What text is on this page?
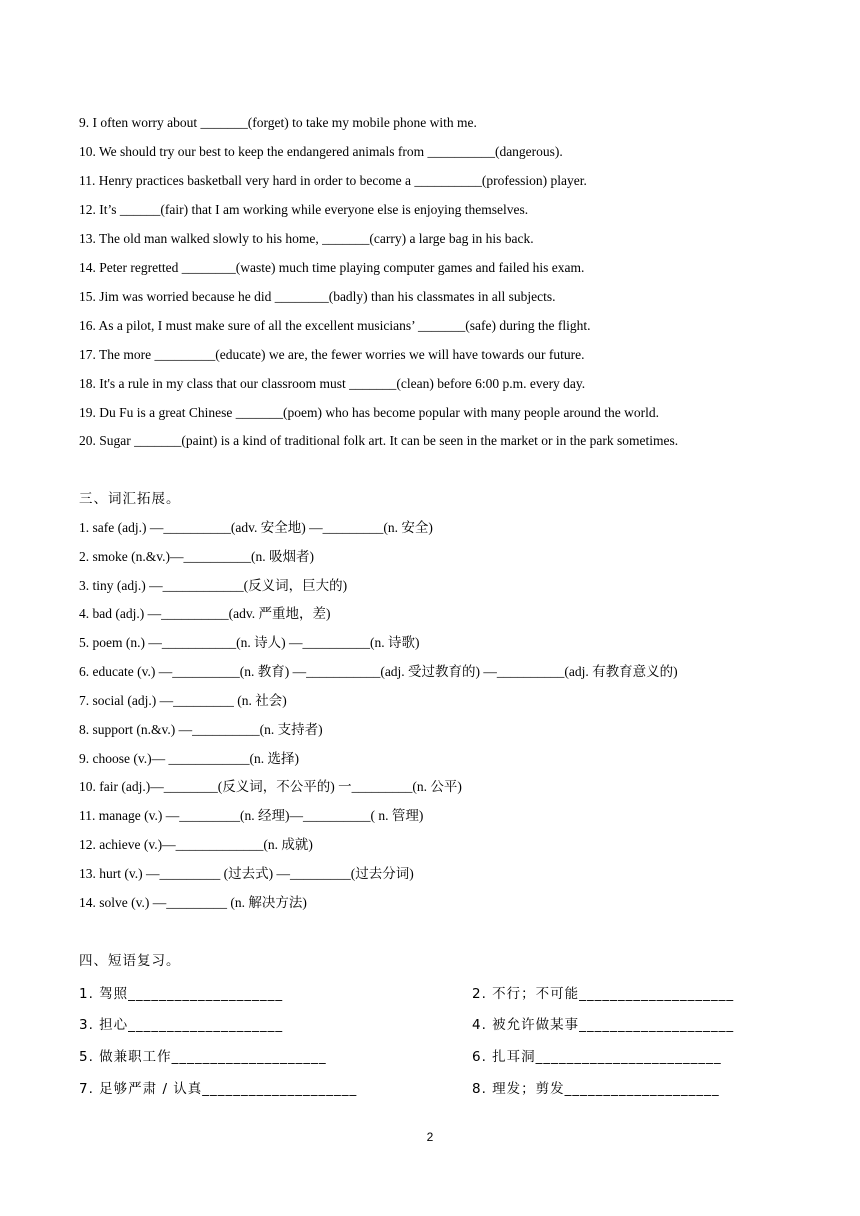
9. I often worry about _______(forget) to take my mobile phone with me.
10. We should try our best to keep the endangered animals from __________(dangerous).
11. Henry practices basketball very hard in order to become a __________(profession) player.
12. It’s ______(fair) that I am working while everyone else is enjoying themselves.
13. The old man walked slowly to his home, _______(carry) a large bag in his back.
14. Peter regretted ________(waste) much time playing computer games and failed his exam.
15. Jim was worried because he did ________(badly) than his classmates in all subjects.
16. As a pilot, I must make sure of all the excellent musicians’ _______(safe) during the flight.
17. The more _________(educate) we are, the fewer worries we will have towards our future.
18. It's a rule in my class that our classroom must _______(clean) before 6:00 p.m. every day.
19. Du Fu is a great Chinese _______(poem) who has become popular with many people around the world.
20. Sugar _______(paint) is a kind of traditional folk art. It can be seen in the market or in the park sometimes.
三、词汇拓展。
1. safe (adj.) —__________(adv. 安全地) —_________(n. 安全)
2. smoke (n.&v.)—__________(n. 吸烟者)
3. tiny (adj.) —____________(反义词，巨大的)
4. bad (adj.) —__________(adv. 严重地，差)
5. poem (n.) —___________(n. 诗人) —__________(n. 诗歌)
6. educate (v.) —__________(n. 教育) —___________(adj. 受过教育的) —__________(adj. 有教育意义的)
7. social (adj.) —_________ (n. 社会)
8. support (n.&v.) —__________(n. 支持者)
9. choose (v.)— ____________(n. 选择)
10. fair (adj.)—________(反义词，不公平的) 一_________(n. 公平)
11. manage (v.) —_________(n. 经理)—__________( n. 管理)
12. achieve (v.)—_____________(n. 成就)
13. hurt (v.) —_________ (过去式) —_________(过去分词)
14. solve (v.) —_________ (n. 解决方法)
四、短语复习。
1. 驾照____________________	2. 不行；不可能____________________
3. 担心____________________	4. 被允许做某事____________________
5. 做兼职工作____________________	6. 扎耳洞________________________
7. 足够严肃 / 认真____________________	8. 理发；剪发____________________
2
